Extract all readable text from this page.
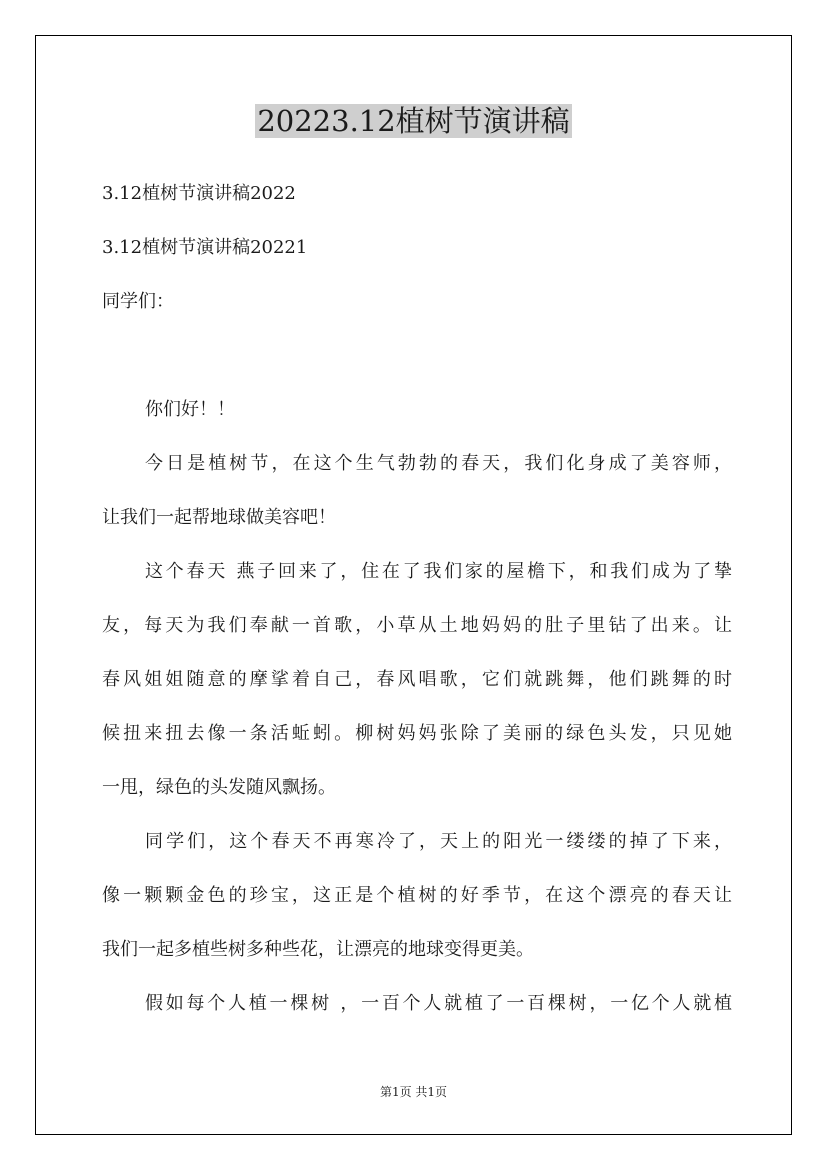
20223.12植树节演讲稿

3.12植树节演讲稿2022

3.12植树节演讲稿20221

同学们：

你们好！！

今日是植树节，在这个生气勃勃的春天，我们化身成了美容师，

让我们一起帮地球做美容吧！

这个春天 燕子回来了，住在了我们家的屋檐下，和我们成为了挚

友，每天为我们奉献一首歌，小草从土地妈妈的肚子里钻了出来。让

春风姐姐随意的摩挲着自己，春风唱歌，它们就跳舞，他们跳舞的时

候扭来扭去像一条活蚯蚓。柳树妈妈张除了美丽的绿色头发，只见她

一甩，绿色的头发随风飘扬。

同学们，这个春天不再寒冷了，天上的阳光一缕缕的掉了下来，

像一颗颗金色的珍宝，这正是个植树的好季节，在这个漂亮的春天让

我们一起多植些树多种些花，让漂亮的地球变得更美。

假如每个人植一棵树 ，一百个人就植了一百棵树，一亿个人就植

第1页 共1页
